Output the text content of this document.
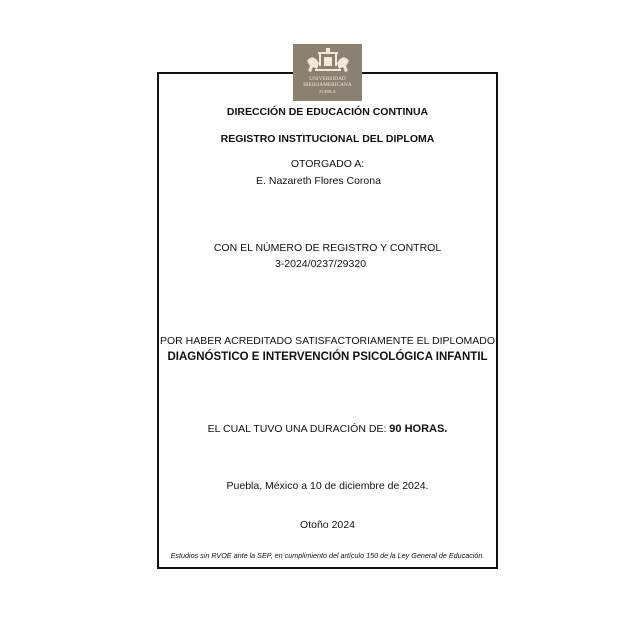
UNIVERSIDAD
IBEROAMERICANA
PUEBLA
DIRECCIÓN DE EDUCACIÓN CONTINUA
REGISTRO INSTITUCIONAL DEL DIPLOMA
OTORGADO A:
E. Nazareth Flores Corona
CON EL NÚMERO DE REGISTRO Y CONTROL
3-2024/0237/29320
POR HABER ACREDITADO SATISFACTORIAMENTE EL DIPLOMADO
DIAGNÓSTICO E INTERVENCIÓN PSICOLÓGICA INFANTIL
EL CUAL TUVO UNA DURACIÓN DE: 90 HORAS.
Puebla, México a 10 de diciembre de 2024.
Otoño 2024
Estudios sin RVOE ante la SEP, en cumplimiento del artículo 150 de la Ley General de Educación.
